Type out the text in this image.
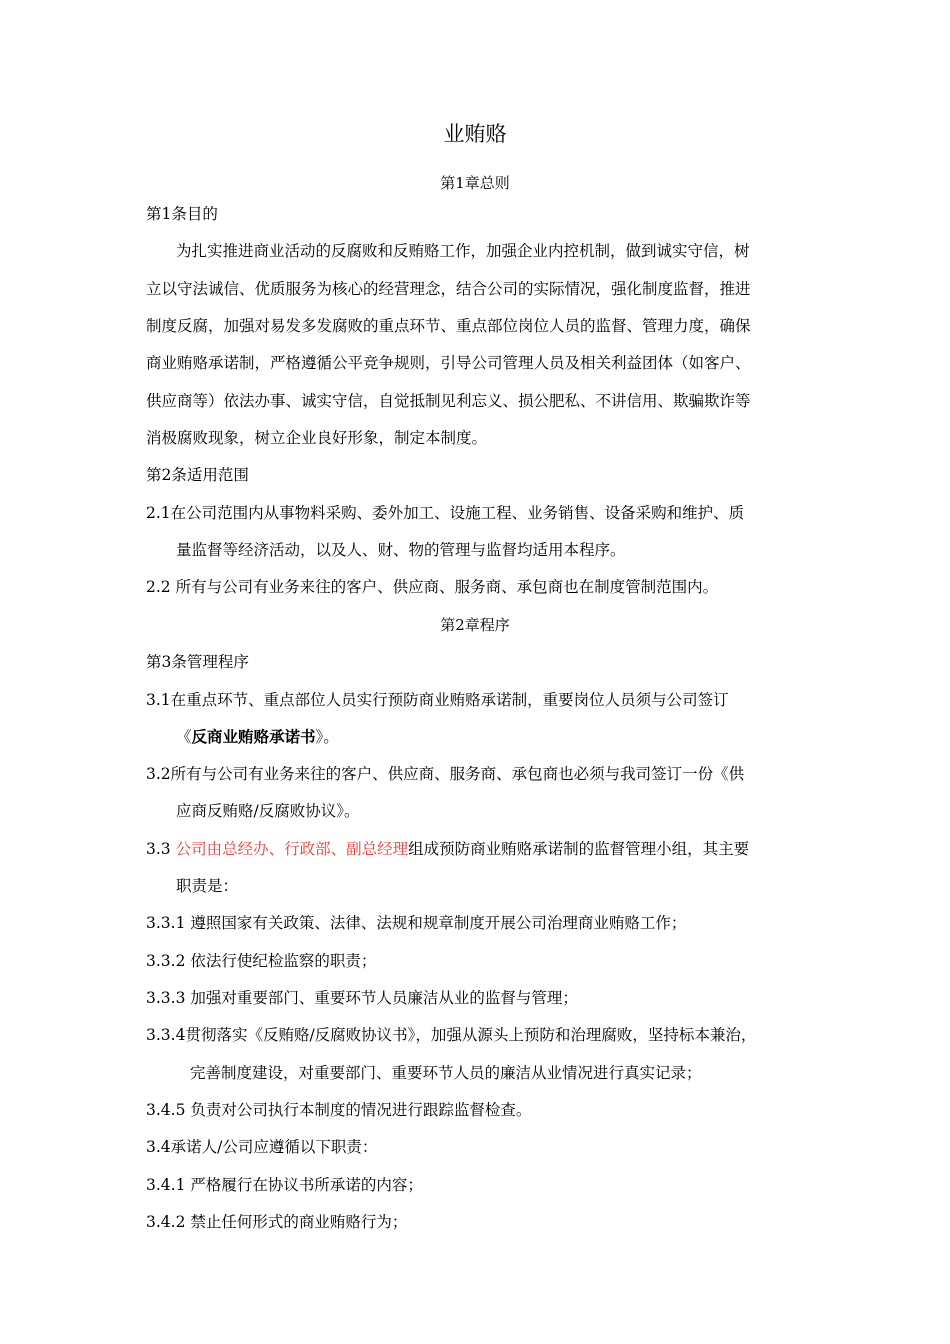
业贿赂
第1章总则
第1条目的
为扎实推进商业活动的反腐败和反贿赂工作，加强企业内控机制，做到诚实守信，树
立以守法诚信、优质服务为核心的经营理念，结合公司的实际情况，强化制度监督，推进
制度反腐，加强对易发多发腐败的重点环节、重点部位岗位人员的监督、管理力度，确保
商业贿赂承诺制，严格遵循公平竞争规则，引导公司管理人员及相关利益团体（如客户、
供应商等）依法办事、诚实守信，自觉抵制见利忘义、损公肥私、不讲信用、欺骗欺诈等
消极腐败现象，树立企业良好形象，制定本制度。
第2条适用范围
2.1在公司范围内从事物料采购、委外加工、设施工程、业务销售、设备采购和维护、质
量监督等经济活动，以及人、财、物的管理与监督均适用本程序。
2.2 所有与公司有业务来往的客户、供应商、服务商、承包商也在制度管制范围内。
第2章程序
第3条管理程序
3.1在重点环节、重点部位人员实行预防商业贿赂承诺制，重要岗位人员须与公司签订
《反商业贿赂承诺书》。
3.2所有与公司有业务来往的客户、供应商、服务商、承包商也必须与我司签订一份《供
应商反贿赂/反腐败协议》。
3.3 公司由总经办、行政部、副总经理组成预防商业贿赂承诺制的监督管理小组，其主要
职责是：
3.3.1 遵照国家有关政策、法律、法规和规章制度开展公司治理商业贿赂工作；
3.3.2 依法行使纪检监察的职责；
3.3.3 加强对重要部门、重要环节人员廉洁从业的监督与管理；
3.3.4贯彻落实《反贿赂/反腐败协议书》，加强从源头上预防和治理腐败，坚持标本兼治，
完善制度建设，对重要部门、重要环节人员的廉洁从业情况进行真实记录；
3.4.5 负责对公司执行本制度的情况进行跟踪监督检查。
3.4承诺人/公司应遵循以下职责：
3.4.1 严格履行在协议书所承诺的内容；
3.4.2 禁止任何形式的商业贿赂行为；
